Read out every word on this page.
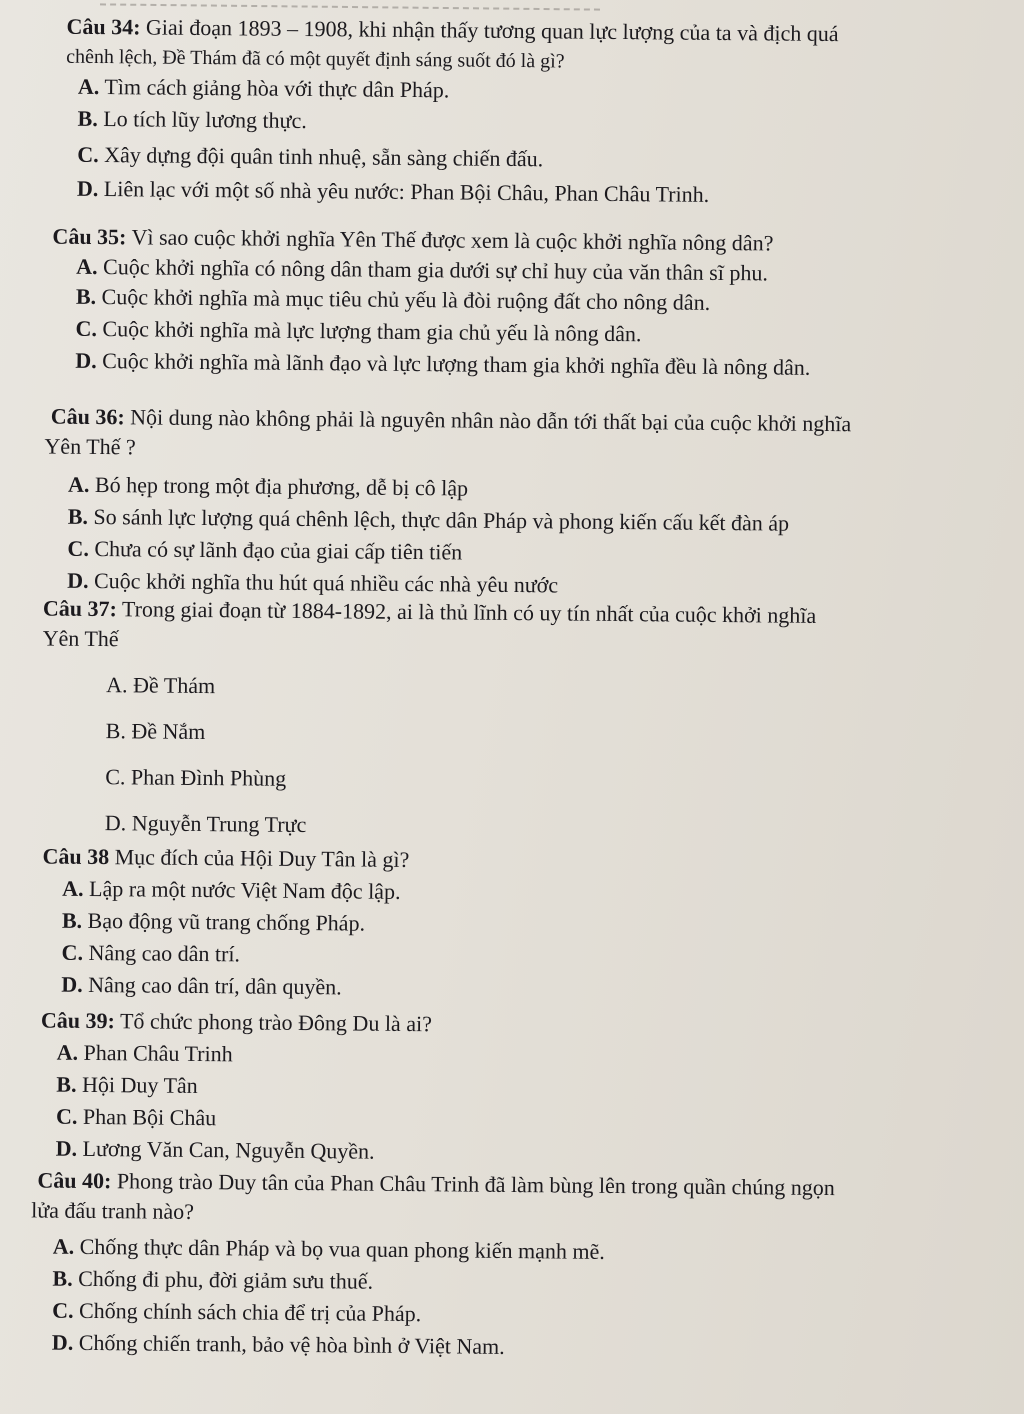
Câu 34: Giai đoạn 1893 – 1908, khi nhận thấy tương quan lực lượng của ta và địch quá
chênh lệch, Đề Thám đã có một quyết định sáng suốt đó là gì?
A. Tìm cách giảng hòa với thực dân Pháp.
B. Lo tích lũy lương thực.
C. Xây dựng đội quân tinh nhuệ, sẵn sàng chiến đấu.
D. Liên lạc với một số nhà yêu nước: Phan Bội Châu, Phan Châu Trinh.
Câu 35: Vì sao cuộc khởi nghĩa Yên Thế được xem là cuộc khởi nghĩa nông dân?
A. Cuộc khởi nghĩa có nông dân tham gia dưới sự chỉ huy của văn thân sĩ phu.
B. Cuộc khởi nghĩa mà mục tiêu chủ yếu là đòi ruộng đất cho nông dân.
C. Cuộc khởi nghĩa mà lực lượng tham gia chủ yếu là nông dân.
D. Cuộc khởi nghĩa mà lãnh đạo và lực lượng tham gia khởi nghĩa đều là nông dân.
Câu 36: Nội dung nào không phải là nguyên nhân nào dẫn tới thất bại của cuộc khởi nghĩa
Yên Thế ?
A. Bó hẹp trong một địa phương, dễ bị cô lập
B. So sánh lực lượng quá chênh lệch, thực dân Pháp và phong kiến cấu kết đàn áp
C. Chưa có sự lãnh đạo của giai cấp tiên tiến
D. Cuộc khởi nghĩa thu hút quá nhiều các nhà yêu nước
Câu 37: Trong giai đoạn từ 1884-1892, ai là thủ lĩnh có uy tín nhất của cuộc khởi nghĩa
Yên Thế
A. Đề Thám
B. Đề Nắm
C. Phan Đình Phùng
D. Nguyễn Trung Trực
Câu 38 Mục đích của Hội Duy Tân là gì?
A. Lập ra một nước Việt Nam độc lập.
B. Bạo động vũ trang chống Pháp.
C. Nâng cao dân trí.
D. Nâng cao dân trí, dân quyền.
Câu 39: Tổ chức phong trào Đông Du là ai?
A. Phan Châu Trinh
B. Hội Duy Tân
C. Phan Bội Châu
D. Lương Văn Can, Nguyễn Quyền.
Câu 40: Phong trào Duy tân của Phan Châu Trinh đã làm bùng lên trong quần chúng ngọn
lửa đấu tranh nào?
A. Chống thực dân Pháp và bọ vua quan phong kiến mạnh mẽ.
B. Chống đi phu, đời giảm sưu thuế.
C. Chống chính sách chia để trị của Pháp.
D. Chống chiến tranh, bảo vệ hòa bình ở Việt Nam.
